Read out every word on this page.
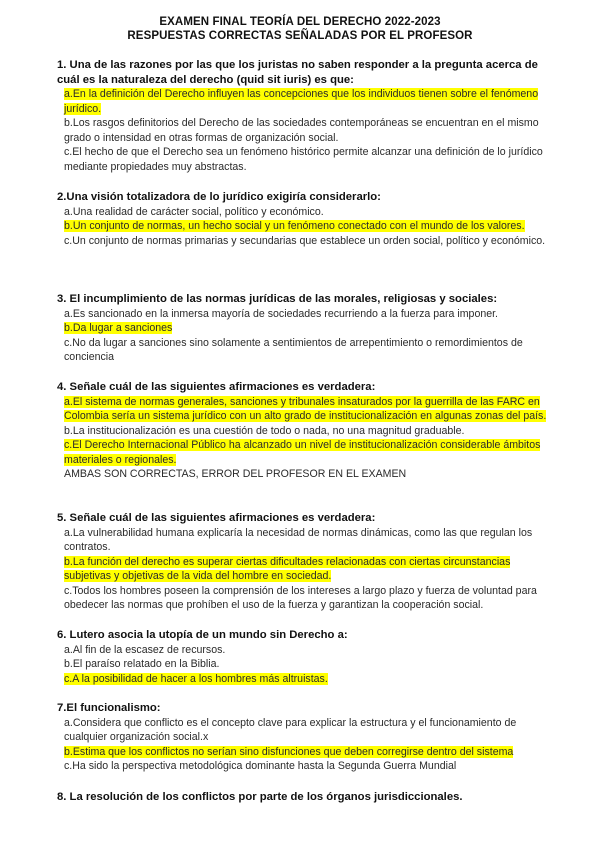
EXAMEN FINAL TEORÍA DEL DERECHO 2022-2023
RESPUESTAS CORRECTAS SEÑALADAS POR EL PROFESOR
1. Una de las razones por las que los juristas no saben responder a la pregunta acerca de cuál es la naturaleza del derecho (quid sit iuris) es que:
a.En la definición del Derecho influyen las concepciones que los individuos tienen sobre el fenómeno jurídico.
b.Los rasgos definitorios del Derecho de las sociedades contemporáneas se encuentran en el mismo grado o intensidad en otras formas de organización social.
c.El hecho de que el Derecho sea un fenómeno histórico permite alcanzar una definición de lo jurídico mediante propiedades muy abstractas.
2.Una visión totalizadora de lo jurídico exigiría considerarlo:
a.Una realidad de carácter social, político y económico.
b.Un conjunto de normas, un hecho social y un fenómeno conectado con el mundo de los valores.
c.Un conjunto de normas primarias y secundarias que establece un orden social, político y económico.
3. El incumplimiento de las normas jurídicas de las morales, religiosas y sociales:
a.Es sancionado en la inmersa mayoría de sociedades recurriendo a la fuerza para imponer.
b.Da lugar a sanciones
c.No da lugar a sanciones sino solamente a sentimientos de arrepentimiento o remordimientos de conciencia
4. Señale cuál de las siguientes afirmaciones es verdadera:
a.El sistema de normas generales, sanciones y tribunales insaturados por la guerrilla de las FARC en Colombia sería un sistema jurídico con un alto grado de institucionalización en algunas zonas del país.
b.La institucionalización es una cuestión de todo o nada, no una magnitud graduable.
c.El Derecho Internacional Público ha alcanzado un nivel de institucionalización considerable ámbitos materiales o regionales.
AMBAS SON CORRECTAS, ERROR DEL PROFESOR EN EL EXAMEN
5. Señale cuál de las siguientes afirmaciones es verdadera:
a.La vulnerabilidad humana explicaría la necesidad de normas dinámicas, como las que regulan los contratos.
b.La función del derecho es superar ciertas dificultades relacionadas con ciertas circunstancias subjetivas y objetivas de la vida del hombre en sociedad.
c.Todos los hombres poseen la comprensión de los intereses a largo plazo y fuerza de voluntad para obedecer las normas que prohíben el uso de la fuerza y garantizan la cooperación social.
6. Lutero asocia la utopía de un mundo sin Derecho a:
a.Al fin de la escasez de recursos.
b.El paraíso relatado en la Biblia.
c.A la posibilidad de hacer a los hombres más altruistas.
7.El funcionalismo:
a.Considera que conflicto es el concepto clave para explicar la estructura y el funcionamiento de cualquier organización social.x
b.Estima que los conflictos no serían sino disfunciones que deben corregirse dentro del sistema
c.Ha sido la perspectiva metodológica dominante hasta la Segunda Guerra Mundial
8. La resolución de los conflictos por parte de los órganos jurisdiccionales.
